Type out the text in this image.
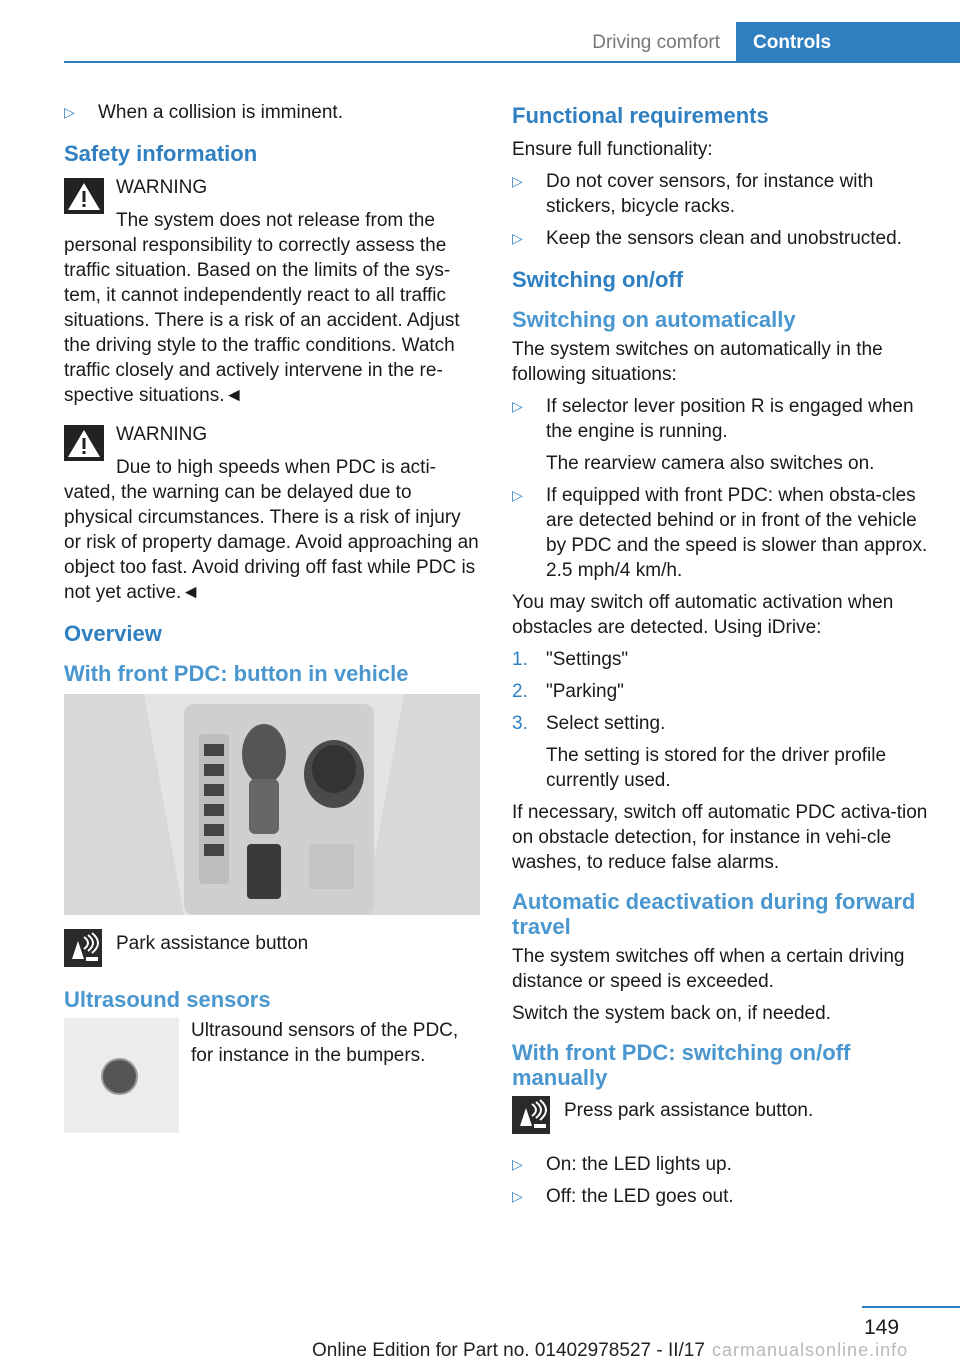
Driving comfort	Controls
▷ When a collision is imminent.
Safety information
WARNING
The system does not release from the personal responsibility to correctly assess the traffic situation. Based on the limits of the sys-tem, it cannot independently react to all traffic situations. There is a risk of an accident. Adjust the driving style to the traffic conditions. Watch traffic closely and actively intervene in the re-spective situations.◄
WARNING
Due to high speeds when PDC is acti-vated, the warning can be delayed due to physical circumstances. There is a risk of injury or risk of property damage. Avoid approaching an object too fast. Avoid driving off fast while PDC is not yet active.◄
Overview
With front PDC: button in vehicle
Park assistance button
Ultrasound sensors
Ultrasound sensors of the PDC, for instance in the bumpers.
Functional requirements

Ensure full functionality:

▷ Do not cover sensors, for instance with stickers, bicycle racks.
▷ Keep the sensors clean and unobstructed.
Switching on/off
Switching on automatically

The system switches on automatically in the following situations:

▷ If selector lever position R is engaged when the engine is running.
The rearview camera also switches on.
▷ If equipped with front PDC: when obsta-cles are detected behind or in front of the vehicle by PDC and the speed is slower than approx. 2.5 mph/4 km/h.

You may switch off automatic activation when obstacles are detected. Using iDrive:

1. "Settings"
2. "Parking"
3. Select setting.
The setting is stored for the driver profile currently used.

If necessary, switch off automatic PDC activa-tion on obstacle detection, for instance in vehi-cle washes, to reduce false alarms.

Automatic deactivation during forward travel

The system switches off when a certain driving distance or speed is exceeded.

Switch the system back on, if needed.

With front PDC: switching on/off manually
Press park assistance button.
▷ On: the LED lights up.
▷ Off: the LED goes out.
149
Online Edition for Part no. 01402978527 - II/17 carmanualsonline.info
